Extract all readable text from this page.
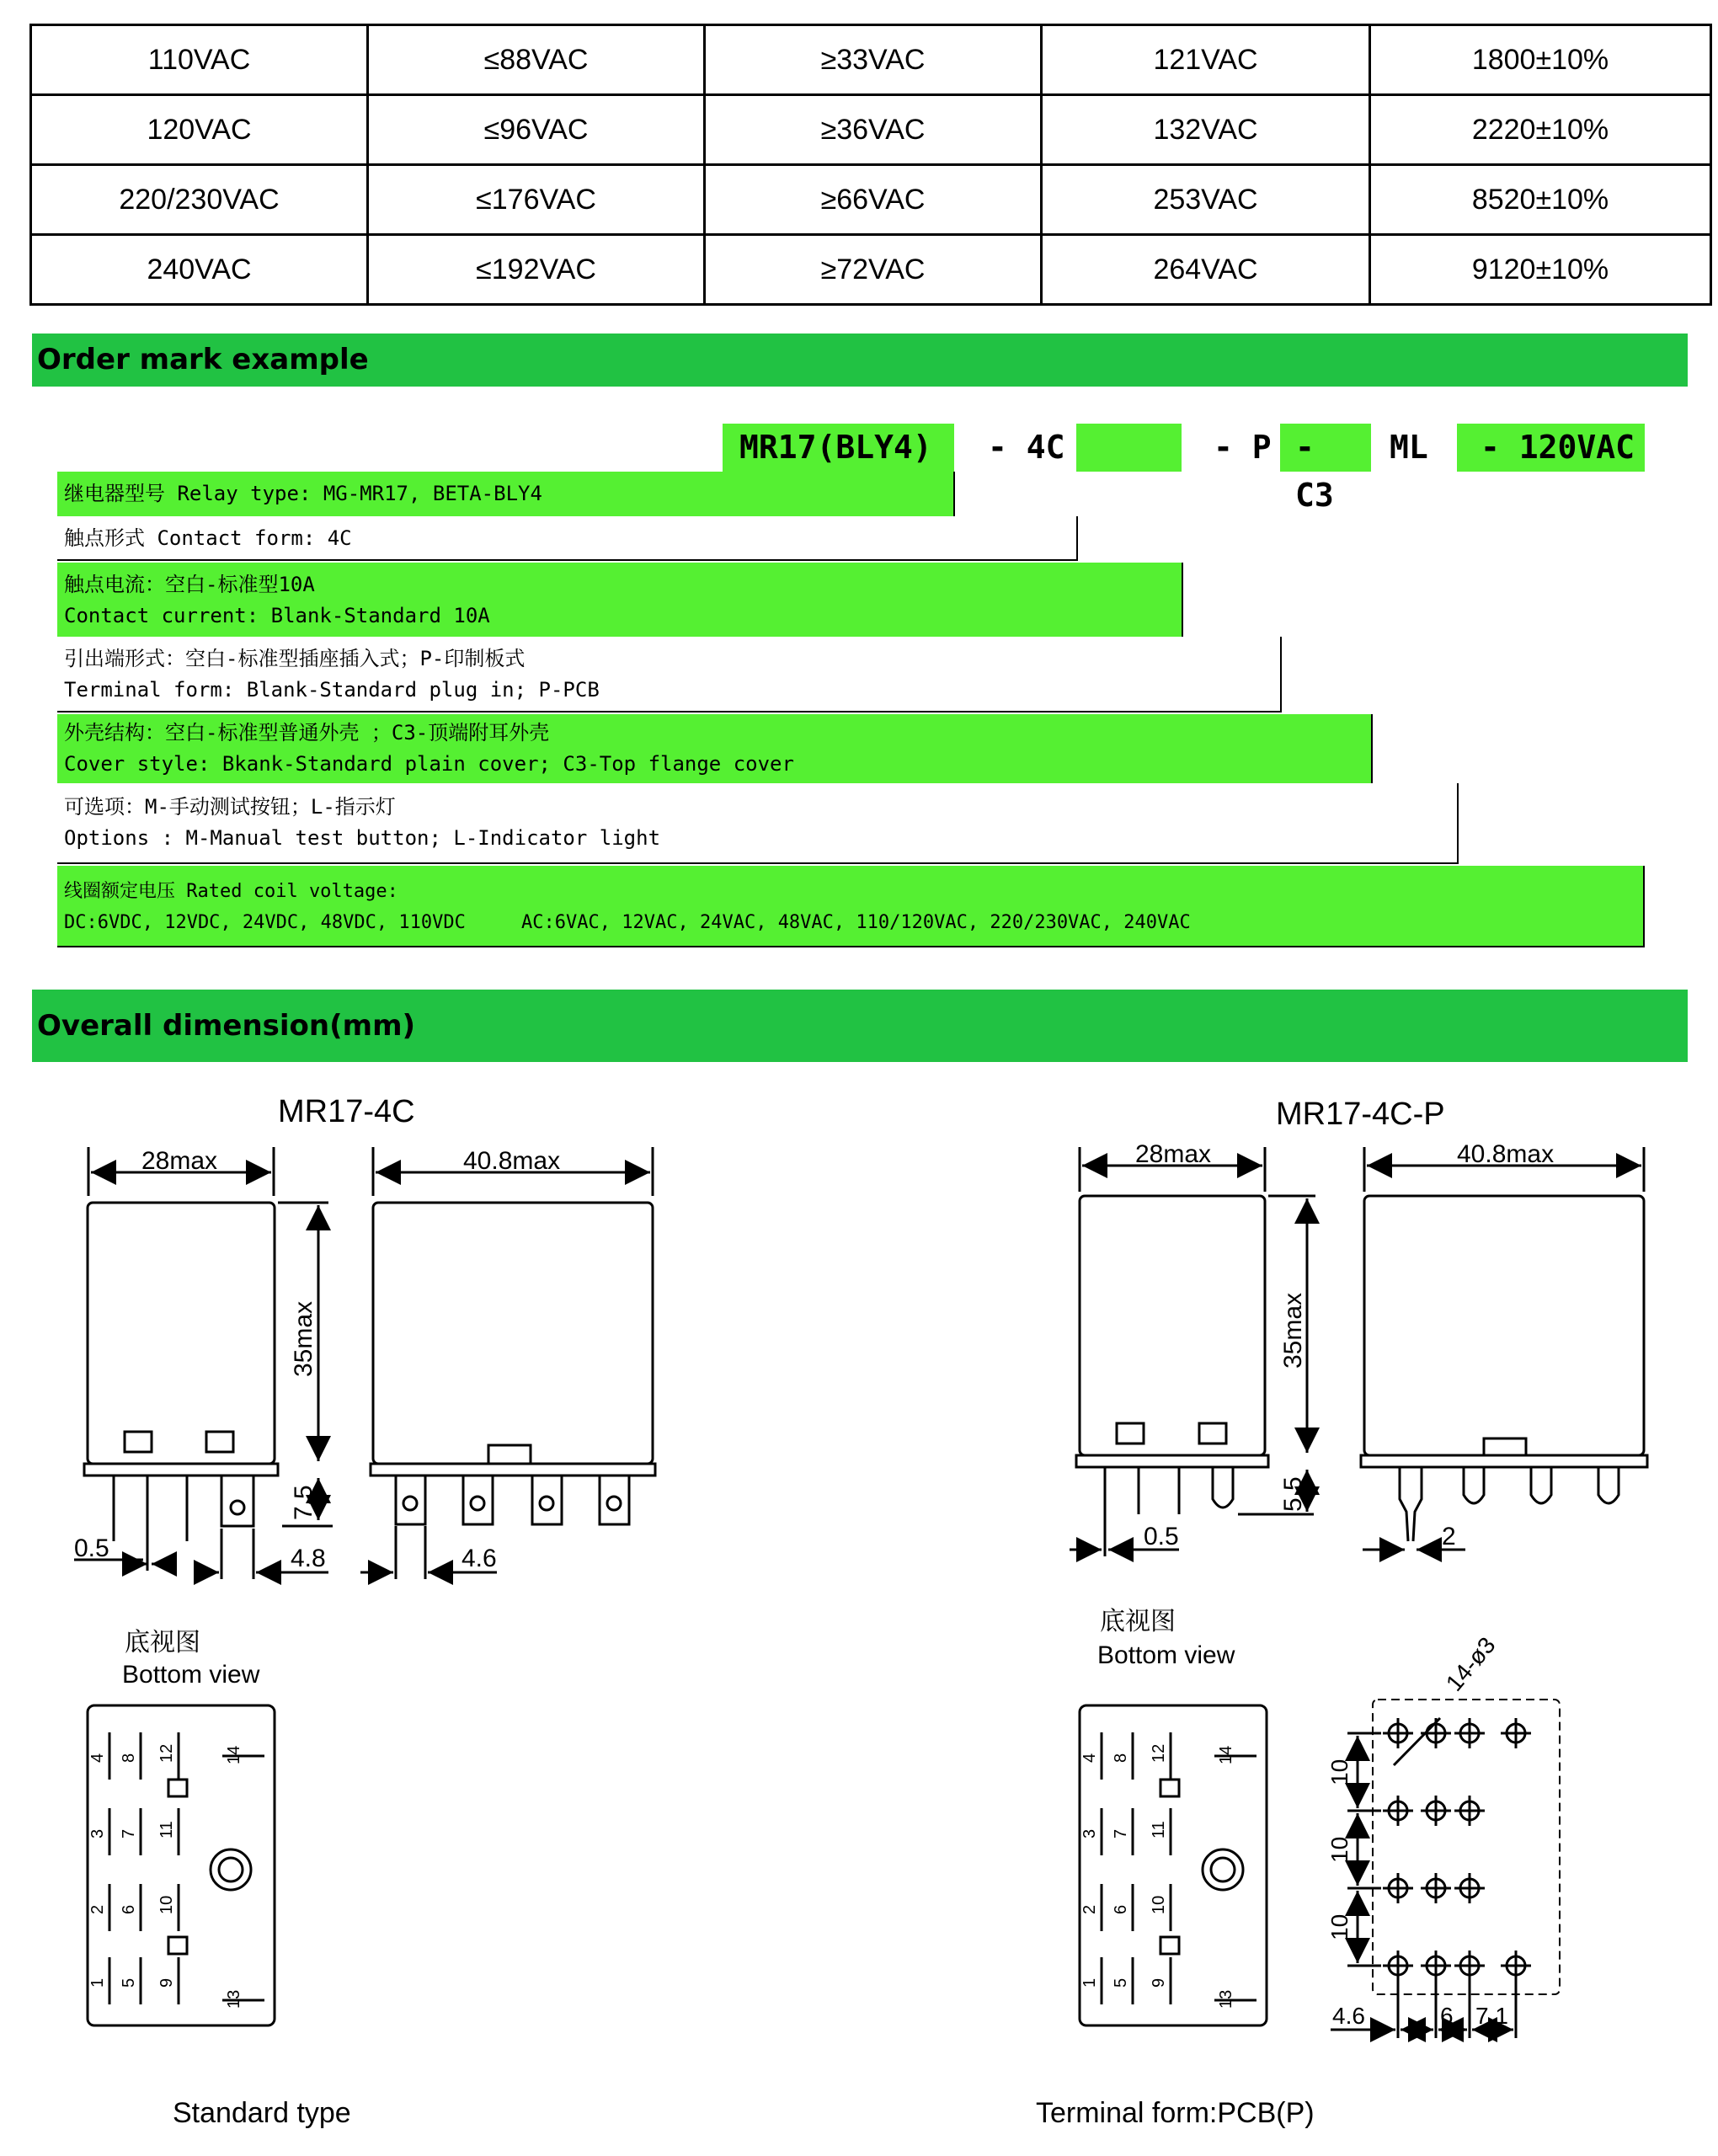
110VAC	≤88VAC	≥33VAC	121VAC	1800±10%
120VAC	≤96VAC	≥36VAC	132VAC	2220±10%
220/230VAC	≤176VAC	≥66VAC	253VAC	8520±10%
240VAC	≤192VAC	≥72VAC	264VAC	9120±10%
Order mark example
MR17(BLY4)	- 4C	- P - C3
ML	- 120VAC
继电器型号 Relay type: MG-MR17, BETA-BLY4
触点形式 Contact form: 4C
触点电流：空白-标准型10A
Contact current: Blank-Standard 10A
引出端形式：空白-标准型插座插入式；P-印制板式
Terminal form: Blank-Standard plug in; P-PCB
外壳结构：空白-标准型普通外壳 ；C3-顶端附耳外壳
Cover style: Bkank-Standard plain cover; C3-Top flange cover
可选项：M-手动测试按钮；L-指示灯
Options : M-Manual test button; L-Indicator light
线圈额定电压 Rated coil voltage:
DC:6VDC, 12VDC, 24VDC, 48VDC, 110VDC     AC:6VAC, 12VAC, 24VAC, 48VAC, 110/120VAC, 220/230VAC, 240VAC
Overall dimension(mm)
MR17-4C
28max
35max
7.5
0.5	4.8
40.8max
4.6
底视图
Bottom view
4
3
2
1
8
7
6
5
12
11
10
9
14
13
Standard type
MR17-4C-P
28max
35max
5.5
0.5
40.8max
2
底视图
Bottom view
4
3
2
1
8
7
6
5
12
11
10
9
14
13
14-ø3
10
10
10
4.6	6 7.1
Terminal form:PCB(P)
